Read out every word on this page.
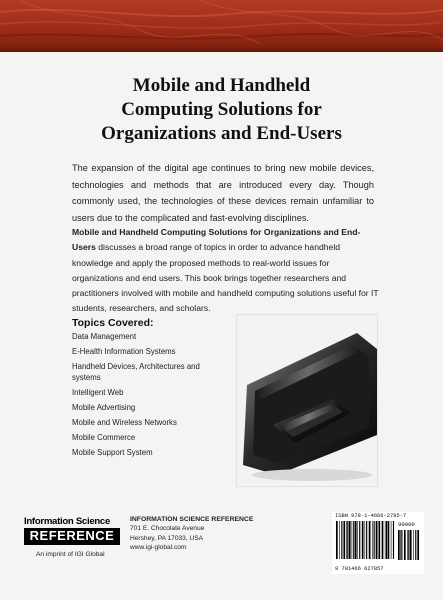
Mobile and Handheld
Computing Solutions for
Organizations and End-Users
The expansion of the digital age continues to bring new mobile devices, technologies and methods that are introduced every day. Though commonly used, the technologies of these devices remain unfamiliar to users due to the complicated and fast-evolving disciplines.
Mobile and Handheld Computing Solutions for Organizations and End-Users discusses a broad range of topics in order to advance handheld knowledge and apply the proposed methods to real-world issues for organizations and end users. This book brings together researchers and practitioners involved with mobile and handheld computing solutions useful for IT students, researchers, and scholars.
Topics Covered:
Data Management
E-Health Information Systems
Handheld Devices, Architectures and systems
Intelligent Web
Mobile Advertising
Mobile and Wireless Networks
Mobile Commerce
Mobile Support System
Information Science
REFERENCE
An imprint of IGI Global
INFORMATION SCIENCE REFERENCE
701 E. Chocolate Avenue
Hershey, PA 17033, USA
www.igi-global.com
ISBN 978-1-4666-2785-7
90000
9 781466 627857
